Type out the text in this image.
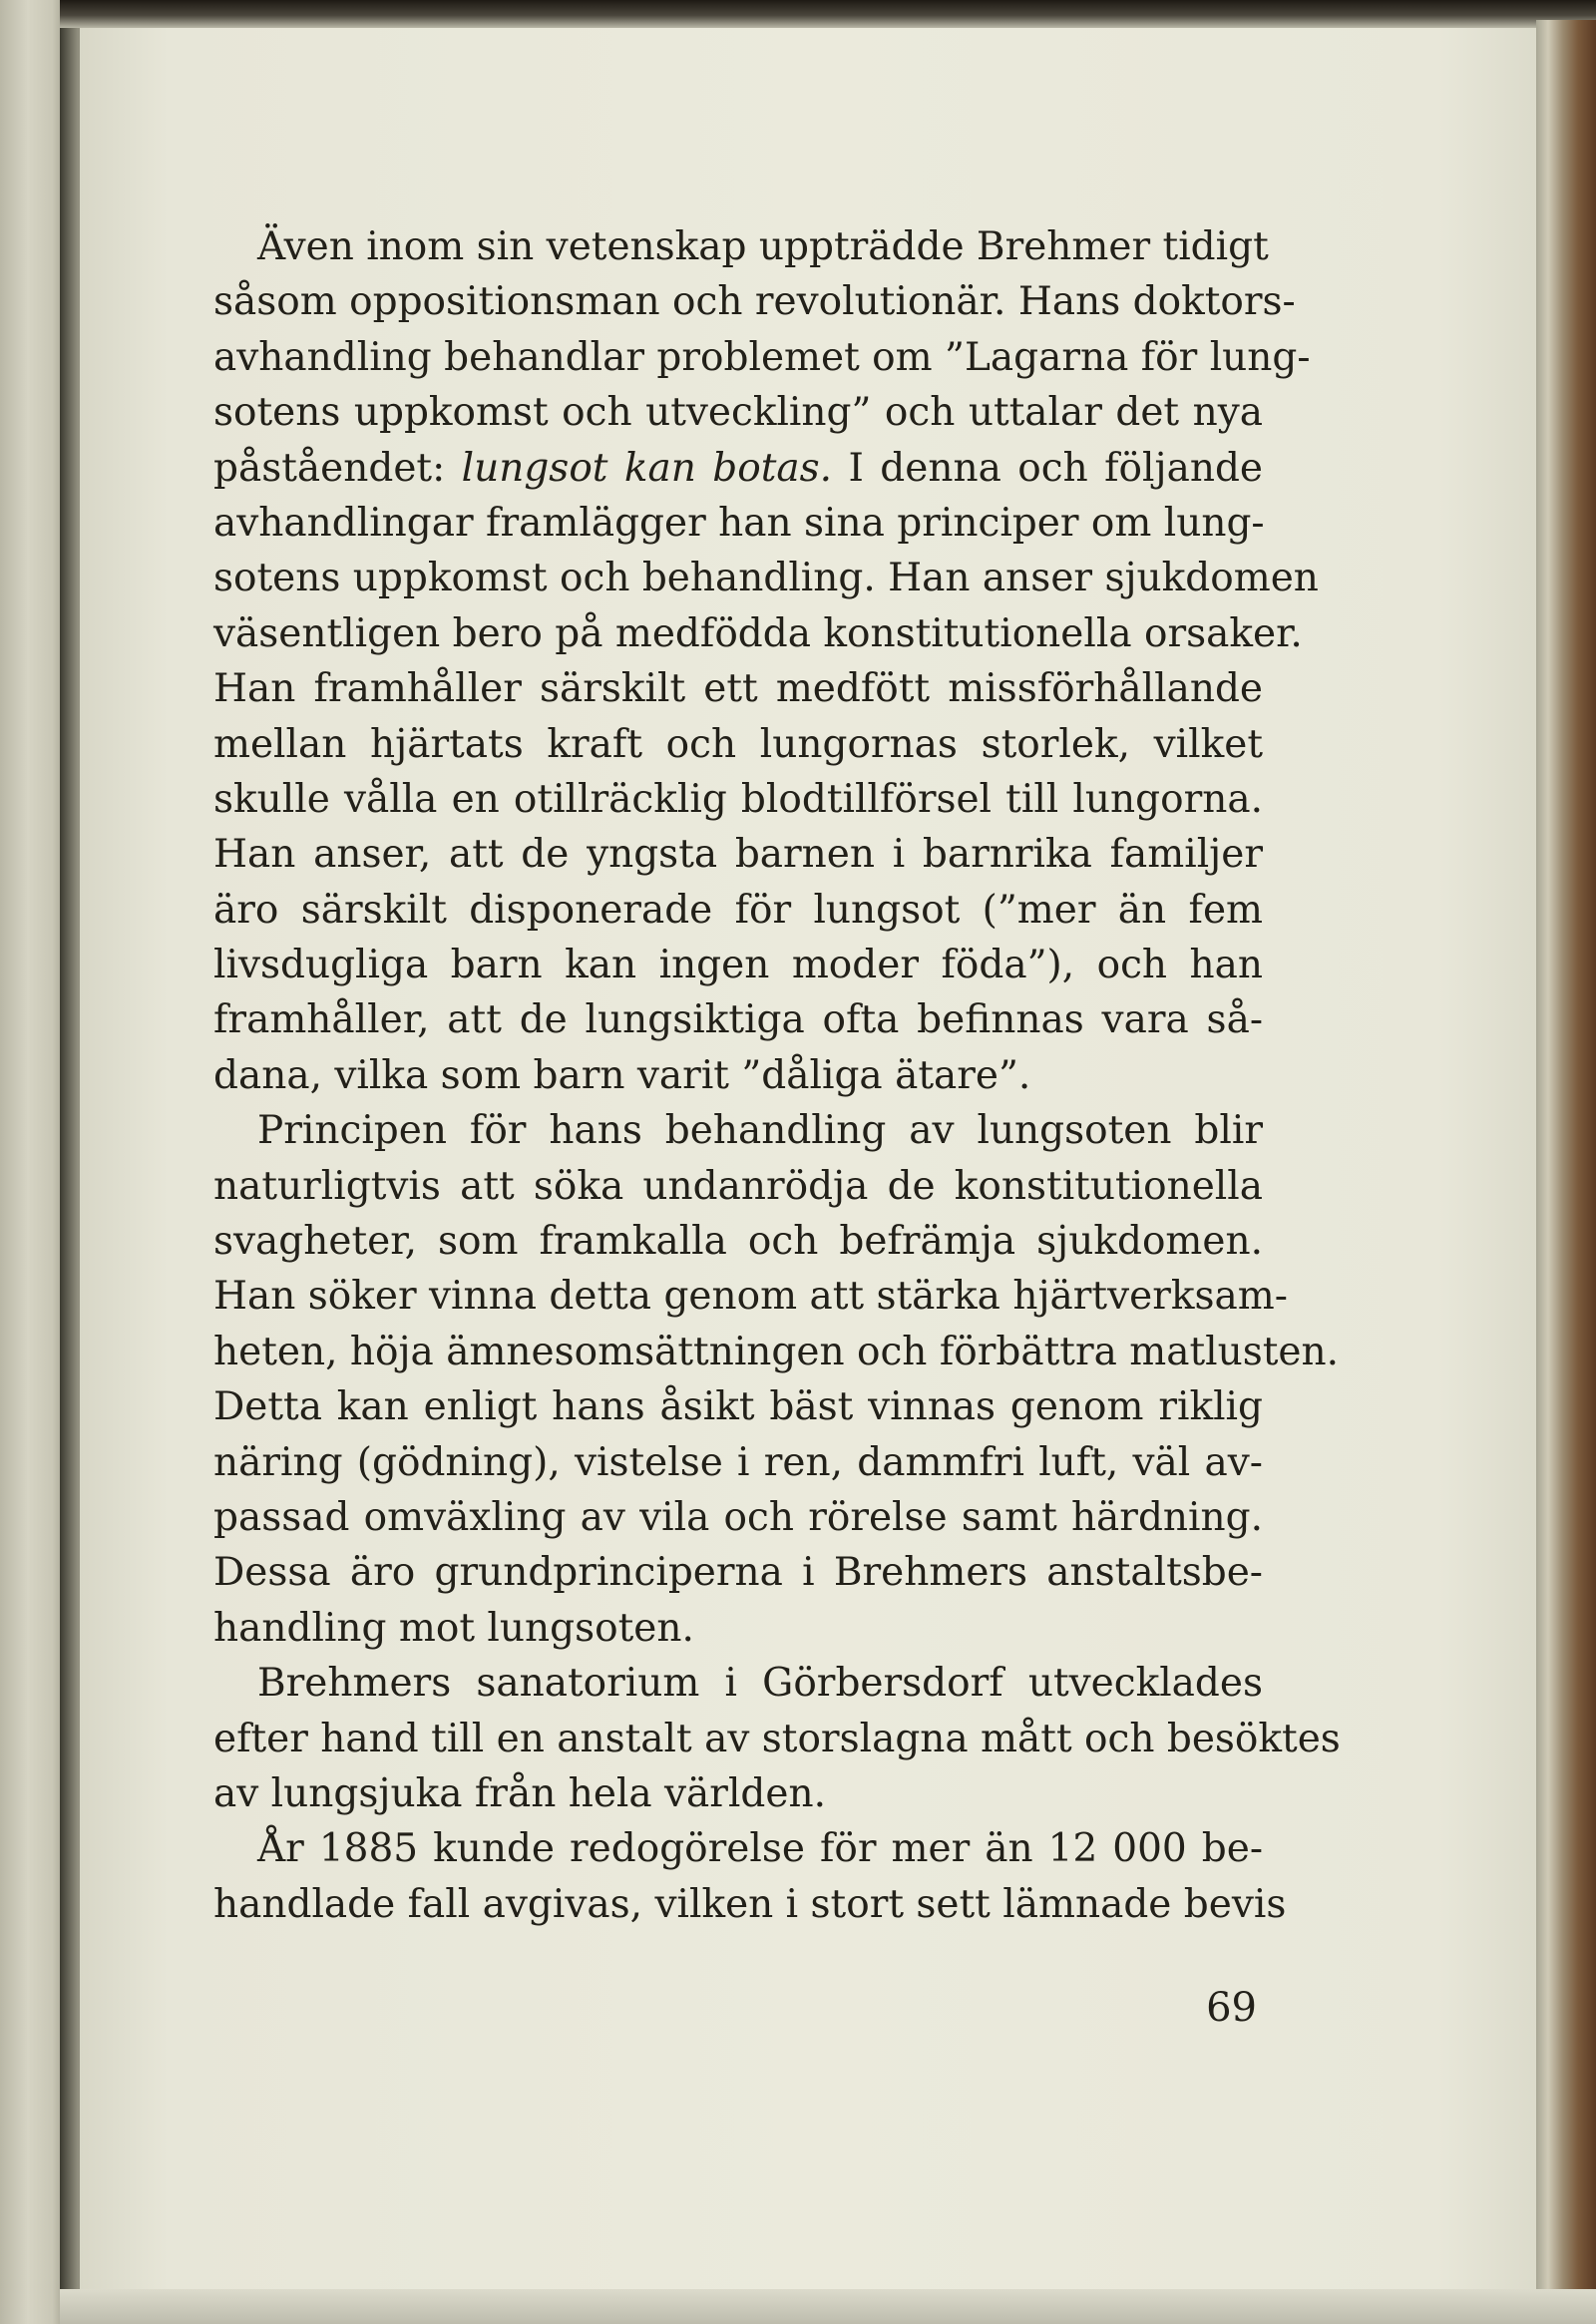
Även inom sin vetenskap uppträdde Brehmer tidigt
såsom oppositionsman och revolutionär. Hans doktors-
avhandling behandlar problemet om ”Lagarna för lung-
sotens uppkomst och utveckling” och uttalar det nya
påståendet: lungsot kan botas. I denna och följande
avhandlingar framlägger han sina principer om lung-
sotens uppkomst och behandling. Han anser sjukdomen
väsentligen bero på medfödda konstitutionella orsaker.
Han framhåller särskilt ett medfött missförhållande
mellan hjärtats kraft och lungornas storlek, vilket
skulle vålla en otillräcklig blodtillförsel till lungorna.
Han anser, att de yngsta barnen i barnrika familjer
äro särskilt disponerade för lungsot (”mer än fem
livsdugliga barn kan ingen moder föda”), och han
framhåller, att de lungsiktiga ofta befinnas vara så-
dana, vilka som barn varit ”dåliga ätare”.
Principen för hans behandling av lungsoten blir
naturligtvis att söka undanrödja de konstitutionella
svagheter, som framkalla och befrämja sjukdomen.
Han söker vinna detta genom att stärka hjärtverksam-
heten, höja ämnesomsättningen och förbättra matlusten.
Detta kan enligt hans åsikt bäst vinnas genom riklig
näring (gödning), vistelse i ren, dammfri luft, väl av-
passad omväxling av vila och rörelse samt härdning.
Dessa äro grundprinciperna i Brehmers anstaltsbe-
handling mot lungsoten.
Brehmers sanatorium i Görbersdorf utvecklades
efter hand till en anstalt av storslagna mått och besöktes
av lungsjuka från hela världen.
År 1885 kunde redogörelse för mer än 12 000 be-
handlade fall avgivas, vilken i stort sett lämnade bevis
69
